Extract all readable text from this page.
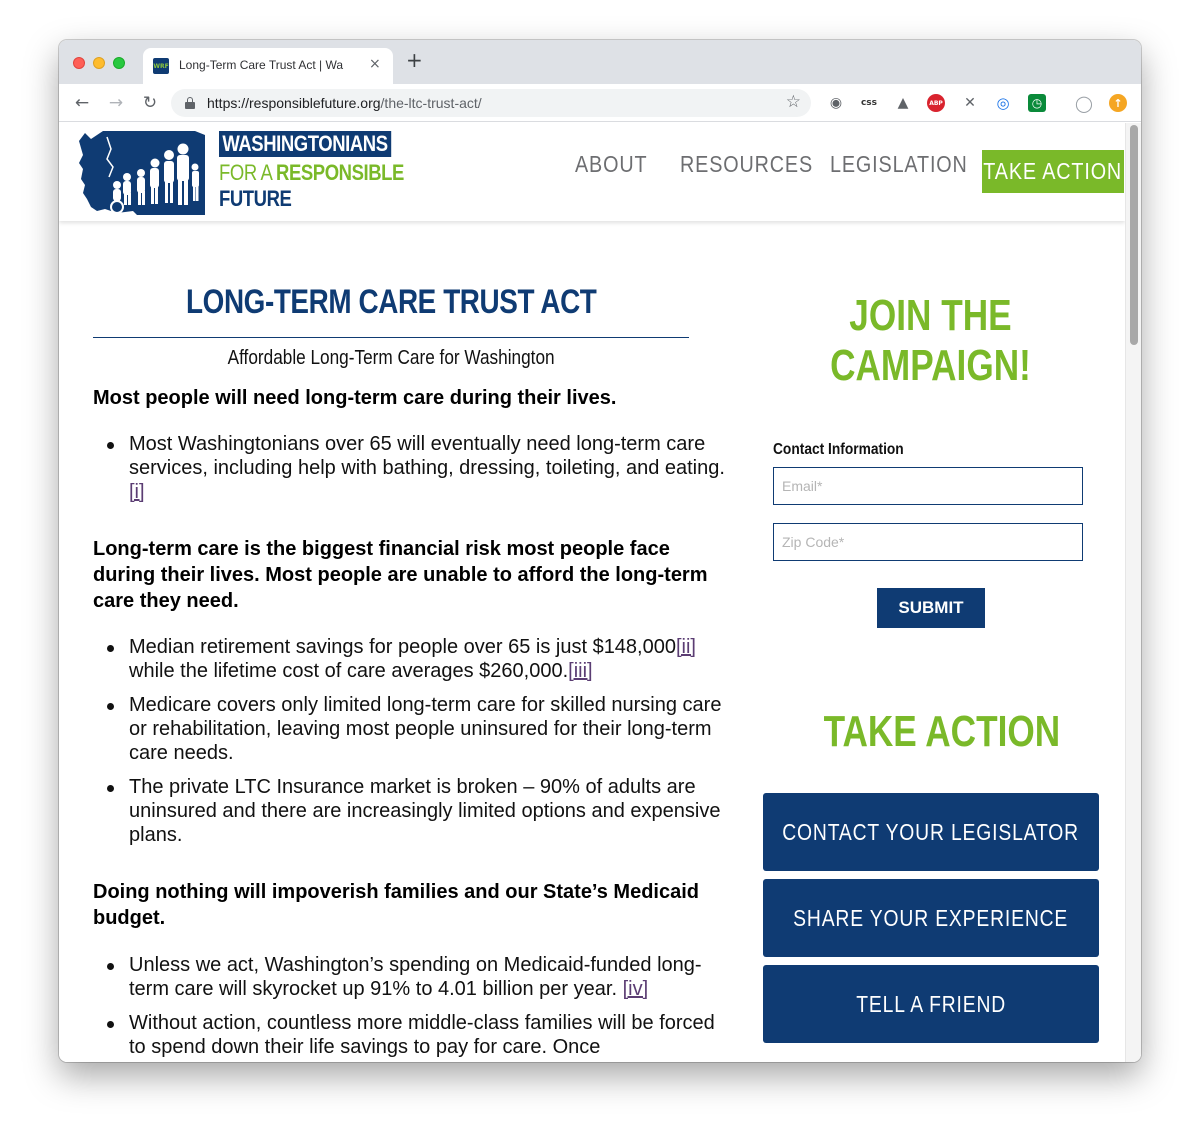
WRF Long-Term Care Trust Act | Wa	× +
← → ↻	https://responsiblefuture.org/the-ltc-trust-act/	☆ ◉	css ▲	ABP ✕ ◎	◷ ◯	↑
WASHINGTONIANS
FOR A RESPONSIBLE
FUTURE
ABOUT RESOURCES LEGISLATION TAKE ACTION
LONG-TERM CARE TRUST ACT
Affordable Long-Term Care for Washington
Most people will need long-term care during their lives.
Most Washingtonians over 65 will eventually need long-term care services, including help with bathing, dressing, toileting, and eating.[i]
Long-term care is the biggest financial risk most people face during their lives. Most people are unable to afford the long-term care they need.
Median retirement savings for people over 65 is just $148,000[ii] while the lifetime cost of care averages $260,000.[iii]
Medicare covers only limited long-term care for skilled nursing care or rehabilitation, leaving most people uninsured for their long-term care needs.
The private LTC Insurance market is broken – 90% of adults are uninsured and there are increasingly limited options and expensive plans.
Doing nothing will impoverish families and our State’s Medicaid budget.
Unless we act, Washington’s spending on Medicaid-funded long-term care will skyrocket up 91% to 4.01 billion per year. [iv]
Without action, countless more middle-class families will be forced to spend down their life savings to pay for care. Once
JOIN THE
CAMPAIGN!
Contact Information
Email*
Zip Code*
SUBMIT
TAKE ACTION
CONTACT YOUR LEGISLATOR
SHARE YOUR EXPERIENCE
TELL A FRIEND
